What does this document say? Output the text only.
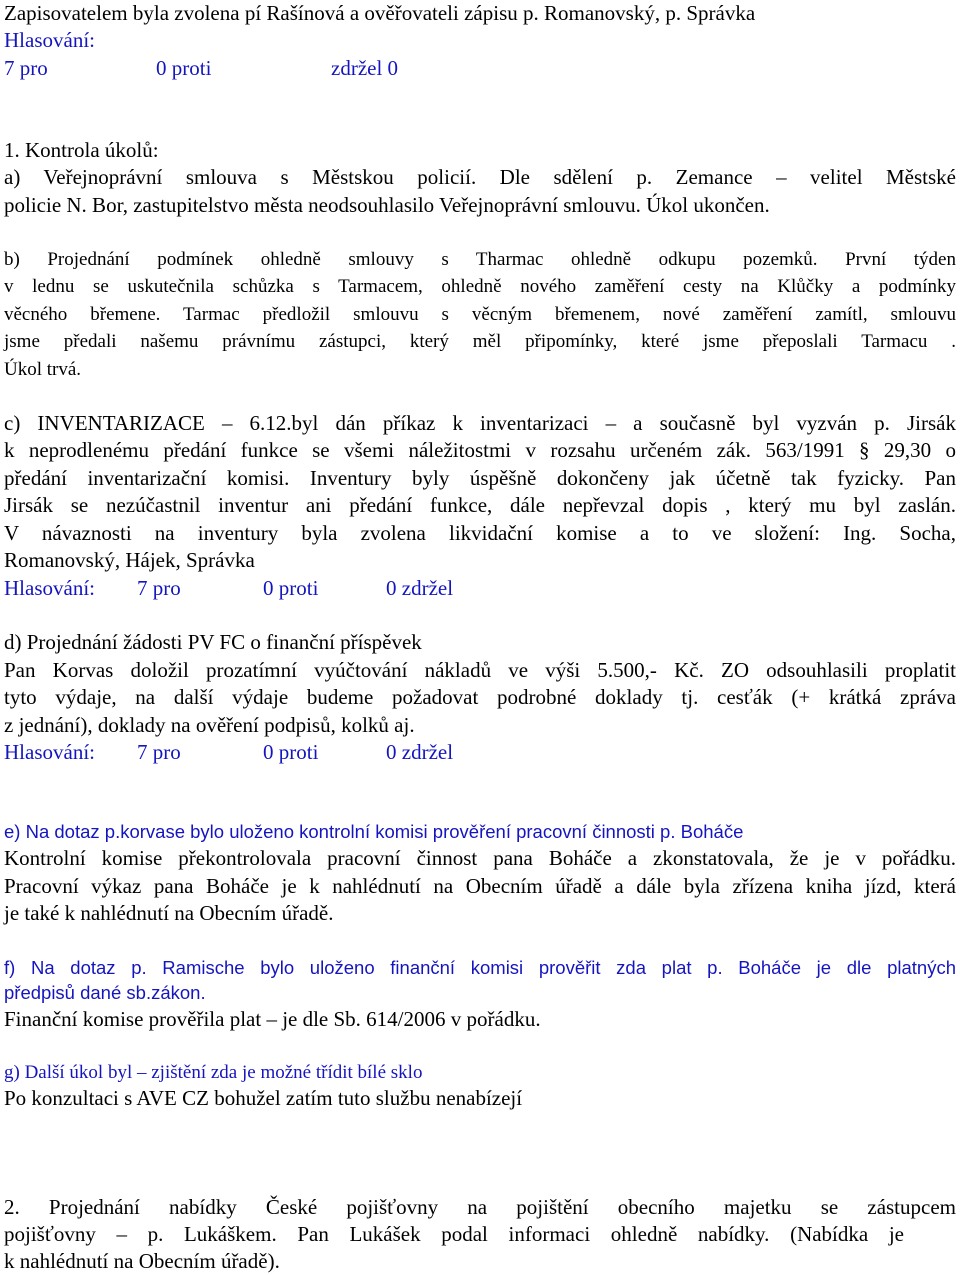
Zapisovatelem byla zvolena pí Rašínová a ověřovateli zápisu p. Romanovský, p. Správka

Hlasování:
7 pro	0 proti	zdržel 0

1. Kontrola úkolů:

a) Veřejnoprávní smlouva s Městskou policií. Dle sdělení p. Zemance – velitel Městské

policie N. Bor, zastupitelstvo města neodsouhlasilo Veřejnoprávní smlouvu. Úkol ukončen.

b) Projednání podmínek ohledně smlouvy s Tharmac ohledně odkupu pozemků. První týden

v lednu se uskutečnila schůzka s Tarmacem, ohledně nového zaměření cesty na Klůčky a podmínky

věcného břemene. Tarmac předložil smlouvu s věcným břemenem, nové zaměření zamítl, smlouvu

jsme předali našemu právnímu zástupci, který měl připomínky, které jsme přeposlali Tarmacu .

Úkol trvá.

c) INVENTARIZACE – 6.12.byl dán příkaz k inventarizaci – a současně byl vyzván p. Jirsák

k neprodlenému předání funkce se všemi náležitostmi v rozsahu určeném zák. 563/1991 § 29,30 o

předání inventarizační komisi. Inventury byly úspěšně dokončeny jak účetně tak fyzicky. Pan

Jirsák se nezúčastnil inventur ani předání funkce, dále nepřevzal dopis , který mu byl zaslán.

V návaznosti na inventury byla zvolena likvidační komise a to ve složení: Ing. Socha,

Romanovský, Hájek, Správka

Hlasování: 7 pro	0 proti	0 zdržel

d) Projednání žádosti PV FC o finanční příspěvek

Pan Korvas doložil prozatímní vyúčtování nákladů ve výši 5.500,- Kč. ZO odsouhlasili proplatit

tyto výdaje, na další výdaje budeme požadovat podrobné doklady tj. cesťák (+ krátká zpráva

z jednání), doklady na ověření podpisů, kolků aj.

Hlasování: 7 pro	0 proti	0 zdržel

e) Na dotaz p.korvase bylo uloženo kontrolní komisi prověření pracovní činnosti p. Boháče

Kontrolní komise překontrolovala pracovní činnost pana Boháče a zkonstatovala, že je v pořádku.

Pracovní výkaz pana Boháče je k nahlédnutí na Obecním úřadě a dále byla zřízena kniha jízd, která

je také k nahlédnutí na Obecním úřadě.

f) Na dotaz p. Ramische bylo uloženo finanční komisi prověřit zda plat p. Boháče je dle platných

předpisů dané sb.zákon.

Finanční komise prověřila plat – je dle Sb. 614/2006 v pořádku.

g) Další úkol byl – zjištění zda je možné třídit bílé sklo

Po konzultaci s AVE CZ bohužel zatím tuto službu nenabízejí

2. Projednání nabídky České pojišťovny na pojištění obecního majetku se zástupcem

pojišťovny – p. Lukáškem. Pan Lukášek podal informaci ohledně nabídky. (Nabídka je

k nahlédnutí na Obecním úřadě).
